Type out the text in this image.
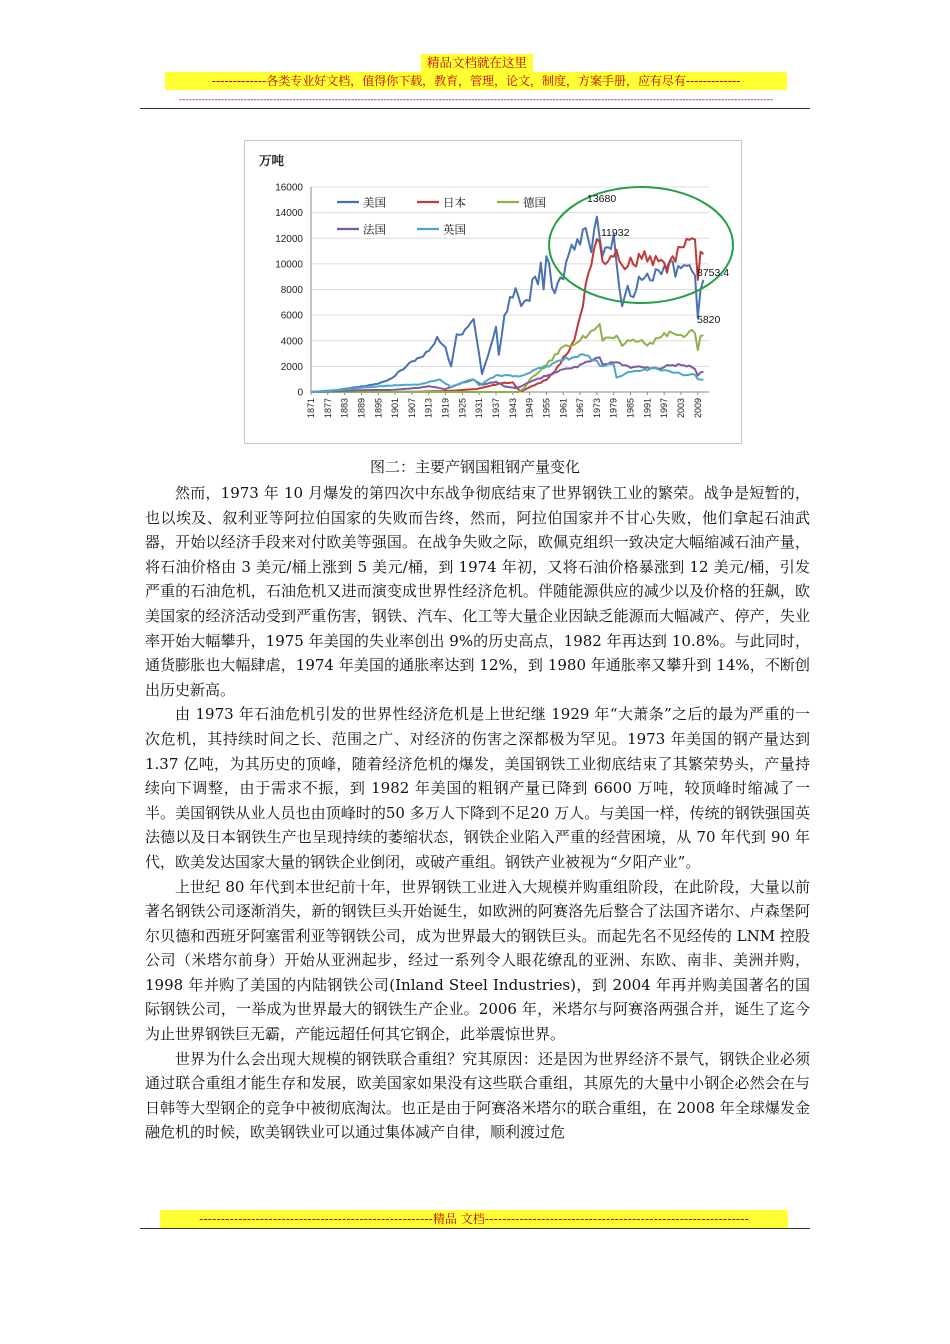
精品文档就在这里
-------------各类专业好文档，值得你下载，教育，管理，论文，制度，方案手册，应有尽有-------------
---------------------------------------------------------------------------------------------------------------------------------------------------------------------------------------
万吨
0
2000
4000
6000
8000
10000
12000
14000
16000
1871 1877 1883 1889 1895 1901 1907 1913 1919 1925 1931 1937 1943 1949 1955 1961 1967 1973 1979 1985 1991 1997 2003 2009
美国	日本	德国
法国	英国
13680
11932
8753.4
5820
图二：主要产钢国粗钢产量变化

然而，1973 年 10 月爆发的第四次中东战争彻底结束了世界钢铁工业的繁荣。战争是短暂的，也以埃及、叙利亚等阿拉伯国家的失败而告终，然而，阿拉伯国家并不甘心失败，他们拿起石油武器，开始以经济手段来对付欧美等强国。在战争失败之际，欧佩克组织一致决定大幅缩减石油产量，将石油价格由 3 美元/桶上涨到 5 美元/桶，到 1974 年初，又将石油价格暴涨到 12 美元/桶，引发严重的石油危机，石油危机又进而演变成世界性经济危机。伴随能源供应的减少以及价格的狂飙，欧美国家的经济活动受到严重伤害，钢铁、汽车、化工等大量企业因缺乏能源而大幅减产、停产，失业率开始大幅攀升，1975 年美国的失业率创出 9%的历史高点，1982 年再达到 10.8%。与此同时，通货膨胀也大幅肆虐，1974 年美国的通胀率达到 12%，到 1980 年通胀率又攀升到 14%，不断创出历史新高。

由 1973 年石油危机引发的世界性经济危机是上世纪继 1929 年“大萧条”之后的最为严重的一次危机，其持续时间之长、范围之广、对经济的伤害之深都极为罕见。1973 年美国的钢产量达到 1.37 亿吨，为其历史的顶峰，随着经济危机的爆发，美国钢铁工业彻底结束了其繁荣势头，产量持续向下调整，由于需求不振，到 1982 年美国的粗钢产量已降到 6600 万吨，较顶峰时缩减了一半。美国钢铁从业人员也由顶峰时的50 多万人下降到不足20 万人。与美国一样，传统的钢铁强国英法德以及日本钢铁生产也呈现持续的萎缩状态，钢铁企业陷入严重的经营困境，从 70 年代到 90 年代，欧美发达国家大量的钢铁企业倒闭，或破产重组。钢铁产业被视为“夕阳产业”。

上世纪 80 年代到本世纪前十年，世界钢铁工业进入大规模并购重组阶段，在此阶段，大量以前著名钢铁公司逐渐消失，新的钢铁巨头开始诞生，如欧洲的阿赛洛先后整合了法国齐诺尔、卢森堡阿尔贝德和西班牙阿塞雷利亚等钢铁公司，成为世界最大的钢铁巨头。而起先名不见经传的 LNM 控股公司（米塔尔前身）开始从亚洲起步，经过一系列令人眼花缭乱的亚洲、东欧、南非、美洲并购，1998 年并购了美国的内陆钢铁公司(Inland Steel Industries)，到 2004 年再并购美国著名的国际钢铁公司，一举成为世界最大的钢铁生产企业。2006 年，米塔尔与阿赛洛两强合并，诞生了迄今为止世界钢铁巨无霸，产能远超任何其它钢企，此举震惊世界。

世界为什么会出现大规模的钢铁联合重组？究其原因：还是因为世界经济不景气，钢铁企业必须通过联合重组才能生存和发展，欧美国家如果没有这些联合重组，其原先的大量中小钢企必然会在与日韩等大型钢企的竞争中被彻底淘汰。也正是由于阿赛洛米塔尔的联合重组，在 2008 年全球爆发金融危机的时候，欧美钢铁业可以通过集体减产自律，顺利渡过危

------------------------------------------------------精品 文档-------------------------------------------------------------
